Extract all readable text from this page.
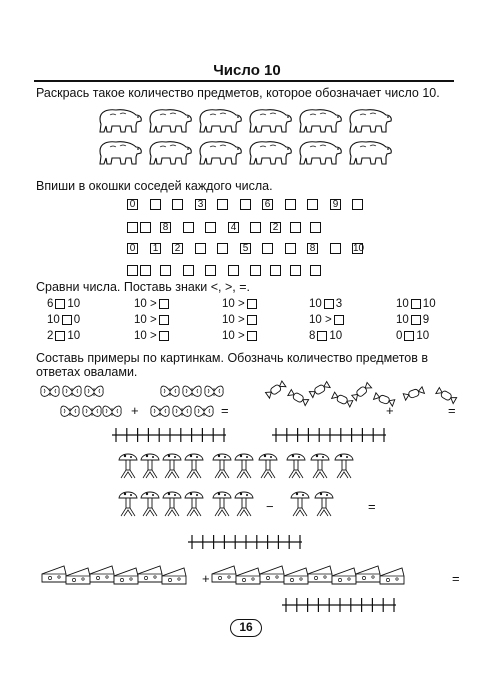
Число 10
Раскрась такое количество предметов, которое обозначает число 10.
Впиши в окошки соседей каждого числа.
0	3	6	9
8	4	2
0 1 2	5	8	10
Сравни числа. Поставь знаки <, >, =.
6 10	10 >	10 >	10 3	10 10
10 0	10 >	10 >	10 >	10 9
2 10	10 >	10 >	8 10	0 10
Составь примеры по картинкам. Обозначь количество предметов в
ответах овалами.
+	=	+	=
−	=
+	=
16
